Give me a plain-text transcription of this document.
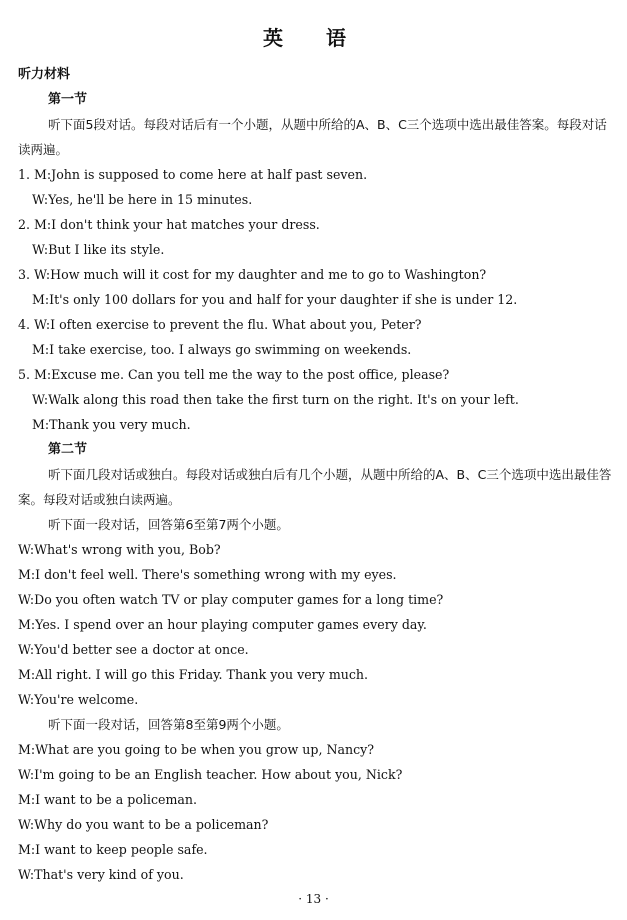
英 语
听力材料
第一节
听下面5段对话。每段对话后有一个小题，从题中所给的A、B、C三个选项中选出最佳答案。每段对话读两遍。
1. M:John is supposed to come here at half past seven.
W:Yes, he'll be here in 15 minutes.
2. M:I don't think your hat matches your dress.
W:But I like its style.
3. W:How much will it cost for my daughter and me to go to Washington?
M:It's only 100 dollars for you and half for your daughter if she is under 12.
4. W:I often exercise to prevent the flu. What about you, Peter?
M:I take exercise, too. I always go swimming on weekends.
5. M:Excuse me. Can you tell me the way to the post office, please?
W:Walk along this road then take the first turn on the right. It's on your left.
M:Thank you very much.
第二节
听下面几段对话或独白。每段对话或独白后有几个小题，从题中所给的A、B、C三个选项中选出最佳答案。每段对话或独白读两遍。
听下面一段对话，回答第6至第7两个小题。
W:What's wrong with you, Bob?
M:I don't feel well. There's something wrong with my eyes.
W:Do you often watch TV or play computer games for a long time?
M:Yes. I spend over an hour playing computer games every day.
W:You'd better see a doctor at once.
M:All right. I will go this Friday. Thank you very much.
W:You're welcome.
听下面一段对话，回答第8至第9两个小题。
M:What are you going to be when you grow up, Nancy?
W:I'm going to be an English teacher. How about you, Nick?
M:I want to be a policeman.
W:Why do you want to be a policeman?
M:I want to keep people safe.
W:That's very kind of you.
· 13 ·
